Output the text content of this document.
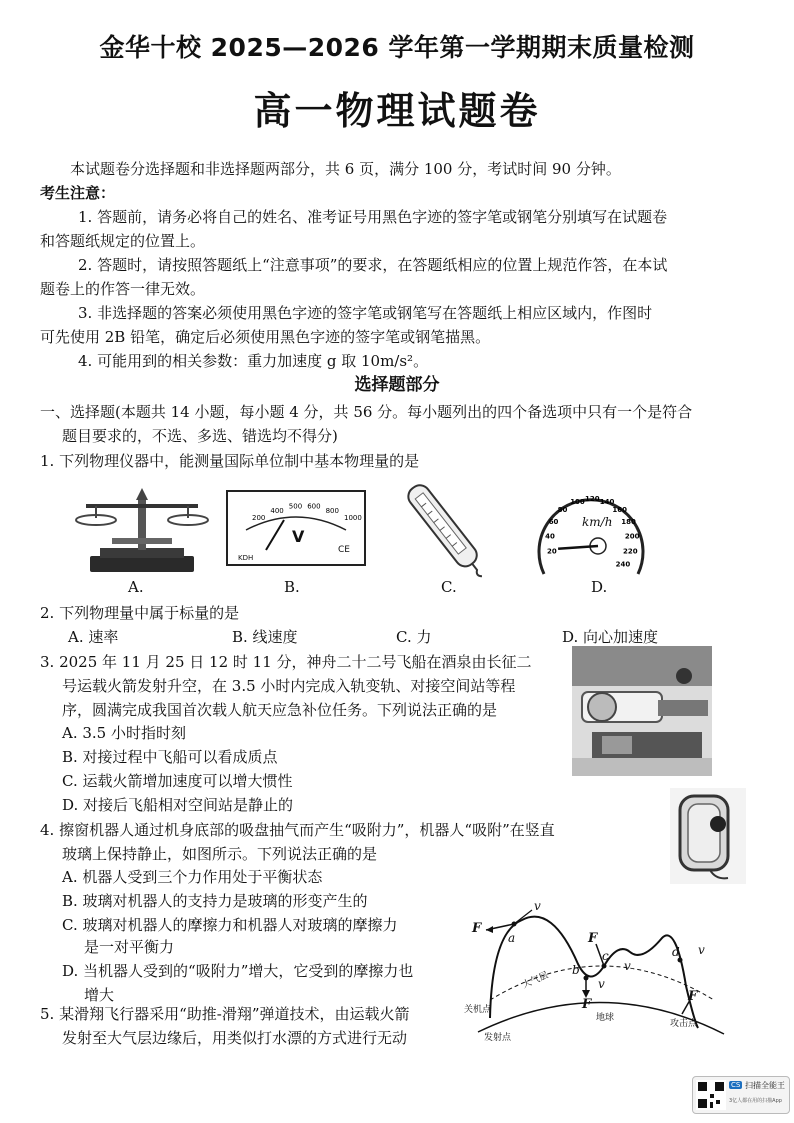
金华十校 2025—2026 学年第一学期期末质量检测
高一物理试题卷
本试题卷分选择题和非选择题两部分，共 6 页，满分 100 分，考试时间 90 分钟。
考生注意：
1. 答题前，请务必将自己的姓名、准考证号用黑色字迹的签字笔或钢笔分别填写在试题卷
和答题纸规定的位置上。
2. 答题时，请按照答题纸上“注意事项”的要求，在答题纸相应的位置上规范作答，在本试
题卷上的作答一律无效。
3. 非选择题的答案必须使用黑色字迹的签字笔或钢笔写在答题纸上相应区域内，作图时
可先使用 2B 铅笔，确定后必须使用黑色字迹的签字笔或钢笔描黑。
4. 可能用到的相关参数：重力加速度 g 取 10m/s²。
选择题部分
一、选择题(本题共 14 小题，每小题 4 分，共 56 分。每小题列出的四个备选项中只有一个是符合
题目要求的，不选、多选、错选均不得分)
1. 下列物理仪器中，能测量国际单位制中基本物理量的是
KDH
CE
V
200
400
500 600
800
1000
20
40
60
80
100 120 140
160
180
200
220
240
km/h
A.	B.	C.	D.
2. 下列物理量中属于标量的是
A. 速率	B. 线速度	C. 力	D. 向心加速度
3. 2025 年 11 月 25 日 12 时 11 分，神舟二十二号飞船在酒泉由长征二
号运载火箭发射升空，在 3.5 小时内完成入轨变轨、对接空间站等程
序，圆满完成我国首次载人航天应急补位任务。下列说法正确的是
A. 3.5 小时指时刻
B. 对接过程中飞船可以看成质点
C. 运载火箭增加速度可以增大惯性
D. 对接后飞船相对空间站是静止的
4. 擦窗机器人通过机身底部的吸盘抽气而产生“吸附力”，机器人“吸附”在竖直
玻璃上保持静止，如图所示。下列说法正确的是
A. 机器人受到三个力作用处于平衡状态
B. 玻璃对机器人的支持力是玻璃的形变产生的
C. 玻璃对机器人的摩擦力和机器人对玻璃的摩擦力
是一对平衡力
D. 当机器人受到的“吸附力”增大，它受到的摩擦力也
增大
5. 某滑翔飞行器采用“助推-滑翔”弹道技术，由运载火箭
发射至大气层边缘后，用类似打水漂的方式进行无动
F
a
v
F
b
v
F
c
v
d v
F
大气层
地球
关机点
发射点
攻击点
CS 扫描全能王
3亿人都在用的扫描App
